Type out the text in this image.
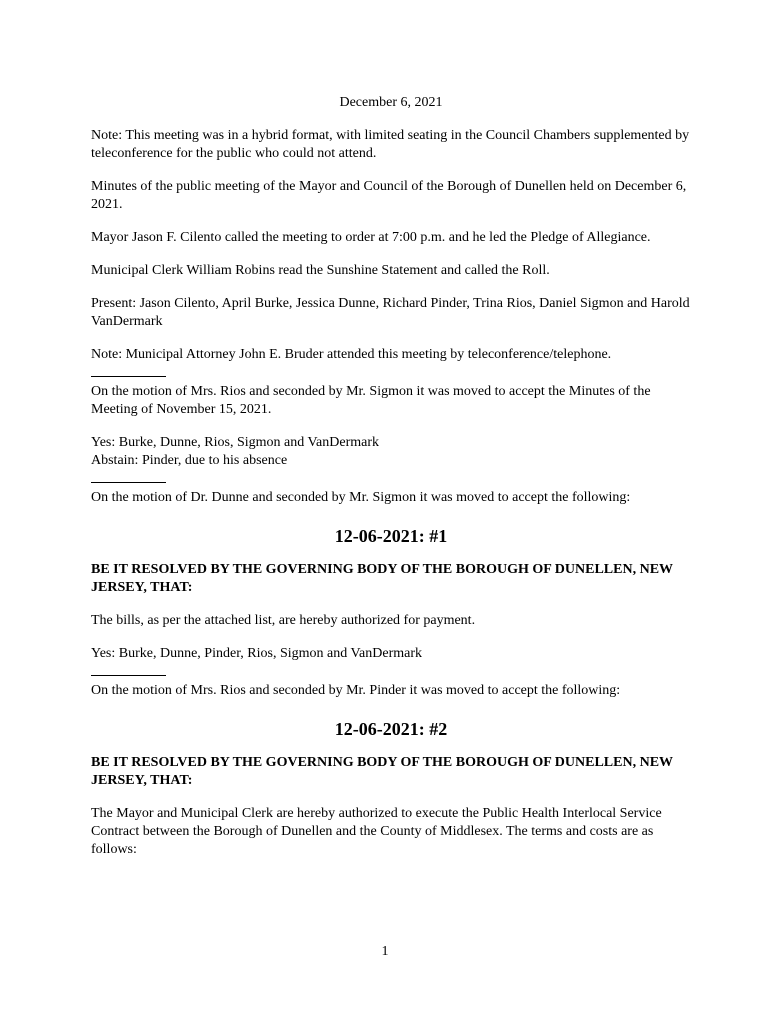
December 6, 2021

Note: This meeting was in a hybrid format, with limited seating in the Council Chambers supplemented by teleconference for the public who could not attend.

Minutes of the public meeting of the Mayor and Council of the Borough of Dunellen held on December 6, 2021.

Mayor Jason F. Cilento called the meeting to order at 7:00 p.m. and he led the Pledge of Allegiance.

Municipal Clerk William Robins read the Sunshine Statement and called the Roll.

Present: Jason Cilento, April Burke, Jessica Dunne, Richard Pinder, Trina Rios, Daniel Sigmon and Harold VanDermark

Note: Municipal Attorney John E. Bruder attended this meeting by teleconference/telephone.

On the motion of Mrs. Rios and seconded by Mr. Sigmon it was moved to accept the Minutes of the Meeting of November 15, 2021.

Yes: Burke, Dunne, Rios, Sigmon and VanDermark
Abstain: Pinder, due to his absence

On the motion of Dr. Dunne and seconded by Mr. Sigmon it was moved to accept the following:

12-06-2021: #1

BE IT RESOLVED BY THE GOVERNING BODY OF THE BOROUGH OF DUNELLEN, NEW JERSEY, THAT:

The bills, as per the attached list, are hereby authorized for payment.

Yes: Burke, Dunne, Pinder, Rios, Sigmon and VanDermark

On the motion of Mrs. Rios and seconded by Mr. Pinder it was moved to accept the following:

12-06-2021: #2

BE IT RESOLVED BY THE GOVERNING BODY OF THE BOROUGH OF DUNELLEN, NEW JERSEY, THAT:

The Mayor and Municipal Clerk are hereby authorized to execute the Public Health Interlocal Service Contract between the Borough of Dunellen and the County of Middlesex. The terms and costs are as follows:

1
